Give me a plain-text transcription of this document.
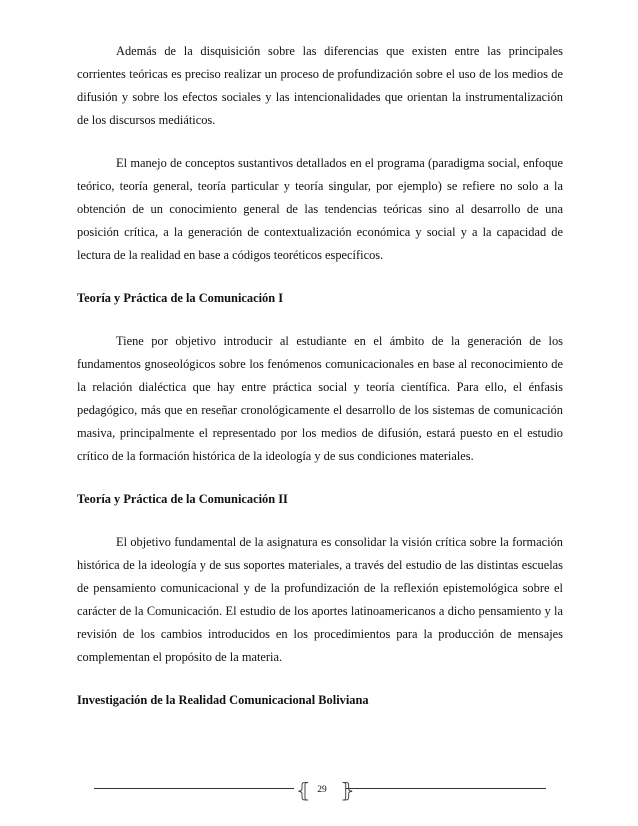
Además de la disquisición sobre las diferencias que existen entre las principales corrientes teóricas es preciso realizar un proceso de profundización sobre el uso de los medios de difusión y sobre los efectos sociales y las intencionalidades que orientan la instrumentalización de los discursos mediáticos.

El manejo de conceptos sustantivos detallados en el programa (paradigma social, enfoque teórico, teoría general, teoría particular y teoría singular, por ejemplo) se refiere no solo a la obtención de un conocimiento general de las tendencias teóricas sino al desarrollo de una posición crítica, a la generación de contextualización económica y social y a la capacidad de lectura de la realidad en base a códigos teoréticos específicos.

Teoría y Práctica de la Comunicación I

Tiene por objetivo introducir al estudiante en el ámbito de la generación de los fundamentos gnoseológicos sobre los fenómenos comunicacionales en base al reconocimiento de la relación dialéctica que hay entre práctica social y teoría científica. Para ello, el énfasis pedagógico, más que en reseñar cronológicamente el desarrollo de los sistemas de comunicación masiva, principalmente el representado por los medios de difusión, estará puesto en el estudio crítico de la formación histórica de la ideología y de sus condiciones materiales.

Teoría y Práctica de la Comunicación II

El objetivo fundamental de la asignatura es consolidar la visión crítica sobre la formación histórica de la ideología y de sus soportes materiales, a través del estudio de las distintas escuelas de pensamiento comunicacional y de la profundización de la reflexión epistemológica sobre el carácter de la Comunicación. El estudio de los aportes latinoamericanos a dicho pensamiento y la revisión de los cambios introducidos en los procedimientos para la producción de mensajes complementan el propósito de la materia.

Investigación de la Realidad Comunicacional Boliviana
⦃ 29 ⦄
